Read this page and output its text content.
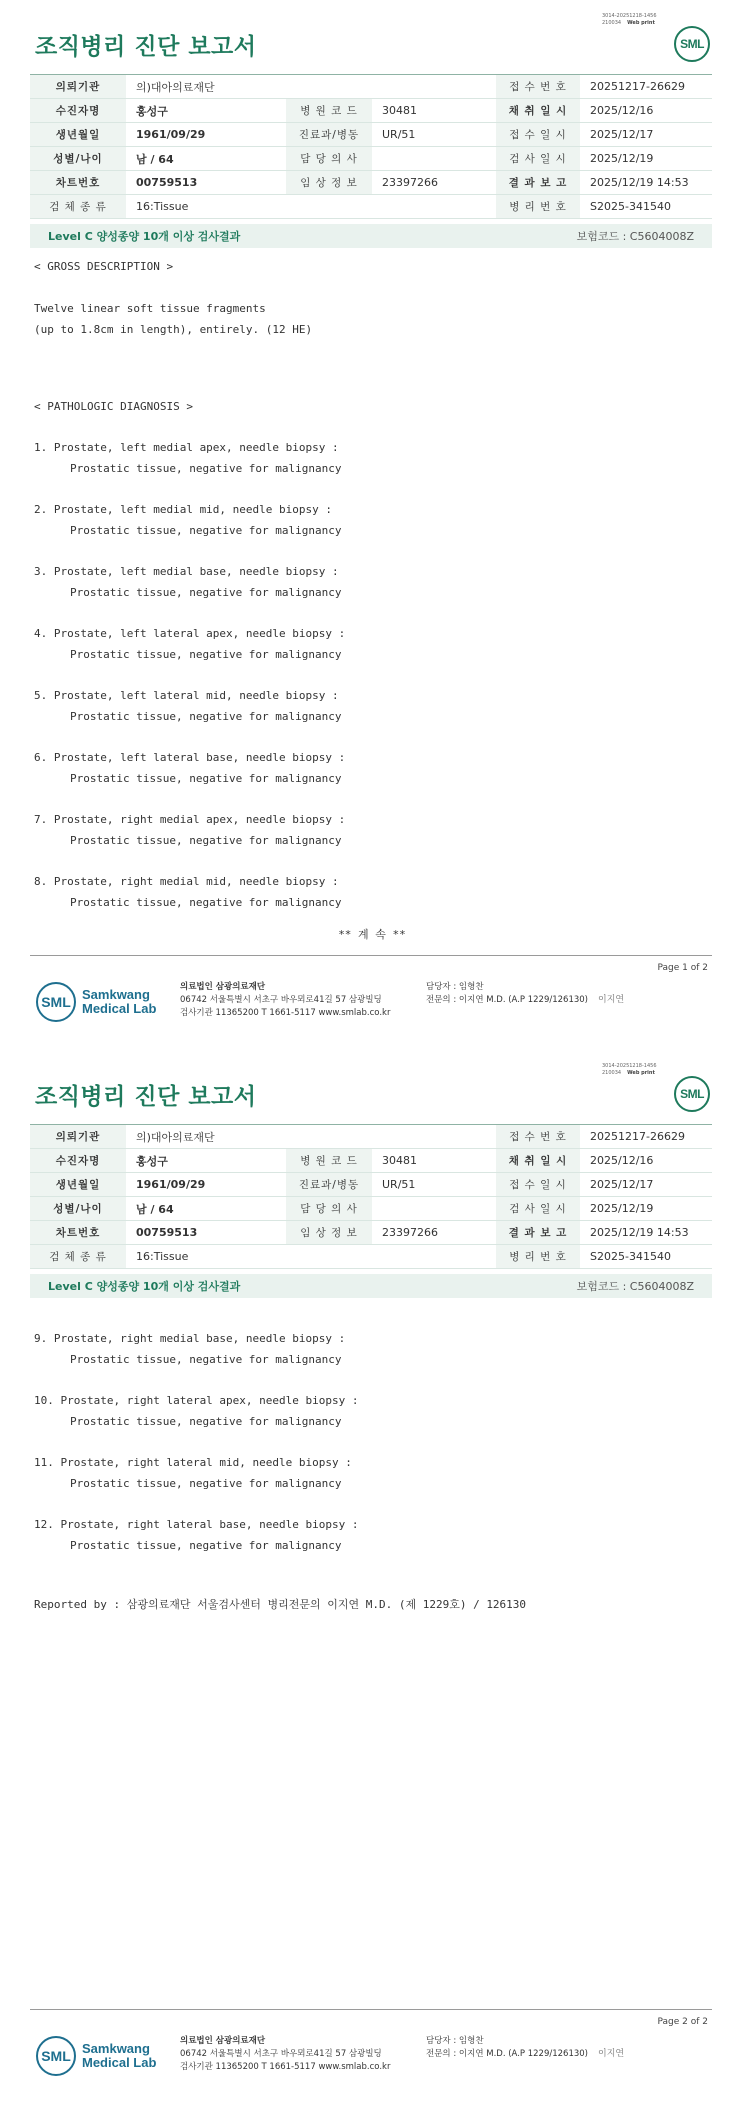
3014-20251218-1456
210034 Web print
조직병리 진단 보고서	SML
의뢰기관	의)대아의료재단			접 수 번 호	20251217-26629
수진자명	홍성구	병 원 코 드	30481	채 취 일 시	2025/12/16
생년월일	1961/09/29	진료과/병동	UR/51	접 수 일 시	2025/12/17
성별/나이	남 / 64	담 당 의 사		검 사 일 시	2025/12/19
차트번호	00759513	임 상 정 보	23397266	결 과 보 고	2025/12/19 14:53
검 체 종 류	16:Tissue			병 리 번 호	S2025-341540
Level C 양성종양 10개 이상 검사결과	보험코드 : C5604008Z
< GROSS DESCRIPTION >
Twelve linear soft tissue fragments
(up to 1.8cm in length), entirely. (12 HE)
< PATHOLOGIC DIAGNOSIS >
1. Prostate, left medial apex, needle biopsy :
Prostatic tissue, negative for malignancy
2. Prostate, left medial mid, needle biopsy :
Prostatic tissue, negative for malignancy
3. Prostate, left medial base, needle biopsy :
Prostatic tissue, negative for malignancy
4. Prostate, left lateral apex, needle biopsy :
Prostatic tissue, negative for malignancy
5. Prostate, left lateral mid, needle biopsy :
Prostatic tissue, negative for malignancy
6. Prostate, left lateral base, needle biopsy :
Prostatic tissue, negative for malignancy
7. Prostate, right medial apex, needle biopsy :
Prostatic tissue, negative for malignancy
8. Prostate, right medial mid, needle biopsy :
Prostatic tissue, negative for malignancy
** 계 속 **
Page 1 of 2
SML Samkwang
Medical Lab
의료법인 삼광의료재단
06742 서울특별시 서초구 바우뫼로41길 57 삼광빌딩
검사기관 11365200 T 1661-5117 www.smlab.co.kr
담당자 : 임형찬
전문의 : 이지연 M.D. (A.P 1229/126130) 이지연
3014-20251218-1456
210034 Web print
조직병리 진단 보고서	SML
의뢰기관	의)대아의료재단			접 수 번 호	20251217-26629
수진자명	홍성구	병 원 코 드	30481	채 취 일 시	2025/12/16
생년월일	1961/09/29	진료과/병동	UR/51	접 수 일 시	2025/12/17
성별/나이	남 / 64	담 당 의 사		검 사 일 시	2025/12/19
차트번호	00759513	임 상 정 보	23397266	결 과 보 고	2025/12/19 14:53
검 체 종 류	16:Tissue			병 리 번 호	S2025-341540
Level C 양성종양 10개 이상 검사결과	보험코드 : C5604008Z
9. Prostate, right medial base, needle biopsy :
Prostatic tissue, negative for malignancy
10. Prostate, right lateral apex, needle biopsy :
Prostatic tissue, negative for malignancy
11. Prostate, right lateral mid, needle biopsy :
Prostatic tissue, negative for malignancy
12. Prostate, right lateral base, needle biopsy :
Prostatic tissue, negative for malignancy
Reported by : 삼광의료재단 서울검사센터 병리전문의 이지연 M.D. (제 1229호) / 126130
Page 2 of 2
SML Samkwang
Medical Lab
의료법인 삼광의료재단
06742 서울특별시 서초구 바우뫼로41길 57 삼광빌딩
검사기관 11365200 T 1661-5117 www.smlab.co.kr
담당자 : 임형찬
전문의 : 이지연 M.D. (A.P 1229/126130) 이지연
